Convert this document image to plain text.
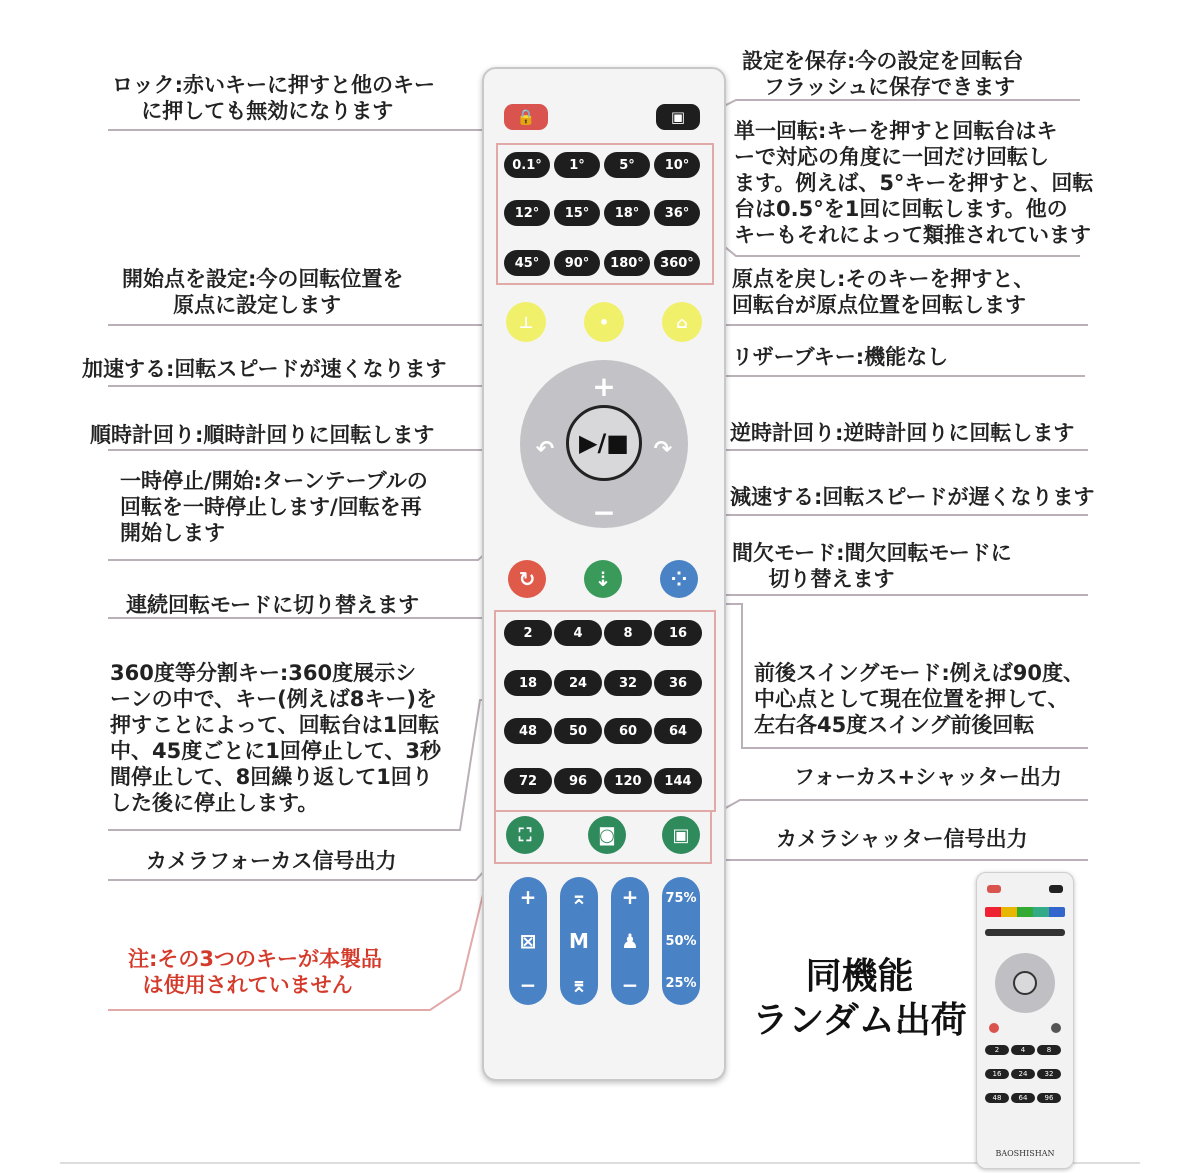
ロック:赤いキーに押すと他のキー
に押しても無効になります
設定を保存:今の設定を回転台
フラッシュに保存できます
単一回転:キーを押すと回転台はキ
ーで対応の角度に一回だけ回転し
ます。例えば、5°キーを押すと、回転
台は0.5°を1回に回転します。他の
キーもそれによって類推されています
開始点を設定:今の回転位置を
原点に設定します
原点を戻し:そのキーを押すと、
回転台が原点位置を回転します
リザーブキー:機能なし
加速する:回転スピードが速くなります
順時計回り:順時計回りに回転します	逆時計回り:逆時計回りに回転します
一時停止/開始:ターンテーブルの
回転を一時停止します/回転を再
開始します
減速する:回転スピードが遅くなります
間欠モード:間欠回転モードに
切り替えます
連続回転モードに切り替えます
前後スイングモード:例えば90度、
中心点として現在位置を押して、
左右各45度スイング前後回転
360度等分割キー:360度展示シ
ーンの中で、キー(例えば8キー)を
押すことによって、回転台は1回転
中、45度ごとに1回停止して、3秒
間停止して、8回繰り返して1回り
した後に停止します。
フォーカス+シャッター出力
カメラシャッター信号出力
カメラフォーカス信号出力
注:その3つのキーが本製品
は使用されていません
🔒	▣
0.1°	1°	5°	10°
12°	15°	18°	36°
45°	90°	180°	360°
⊥	•	⌂
+
−
↶	↷
▶/■
↻	⇣	⁘
2	4	8	16
18	24	32	36
48	50	60	64
72	96	120	144
⛶	◙	▣
+
⊠
−
⌅
M
⌆
+
♟
−
75%
50%
25%	同機能
ランダム出荷
2	4	8
16	24	32
48	64	96
BAOSHISHAN
